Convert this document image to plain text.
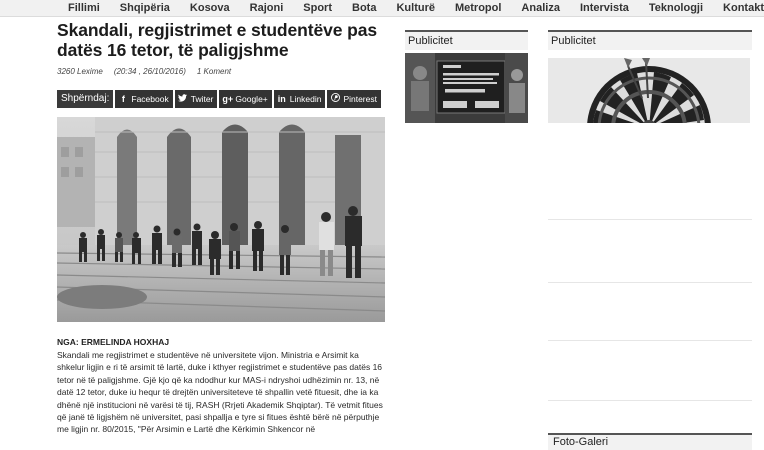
Fillimi Shqipëria Kosova Rajoni Sport Bota Kulturë Metropol Analiza Intervista Teknologji Kontakt
Skandali, regjistrimet e studentëve pas datës 16 tetor, të paligjshme
3260 Lexime (20:34 , 26/10/2016) 1 Koment
Shpërndaj:	f Facebook	Twiter g+ Google+ in Linkedin	Pinterest
NGA: ERMELINDA HOXHAJ

Skandali me regjistrimet e studentëve në universitete vijon. Ministria e Arsimit ka shkelur ligjin e ri të arsimit të lartë, duke i kthyer regjistrimet e studentëve pas datës 16 tetor në të paligjshme. Gjë kjo që ka ndodhur kur MAS-i ndryshoi udhëzimin nr. 13, në datë 12 tetor, duke iu hequr të drejtën universiteteve të shpallin vetë fituesit, dhe ia ka dhënë një institucioni në varësi të tij, RASH (Rrjeti Akademik Shqiptar). Të vetmit fitues që janë të ligjshëm në universitet, pasi shpallja e tyre si fitues është bërë në përputhje me ligjin nr. 80/2015, "Për Arsimin e Lartë dhe Kërkimin Shkencor në

Publicitet	Publicitet
Foto-Galeri
